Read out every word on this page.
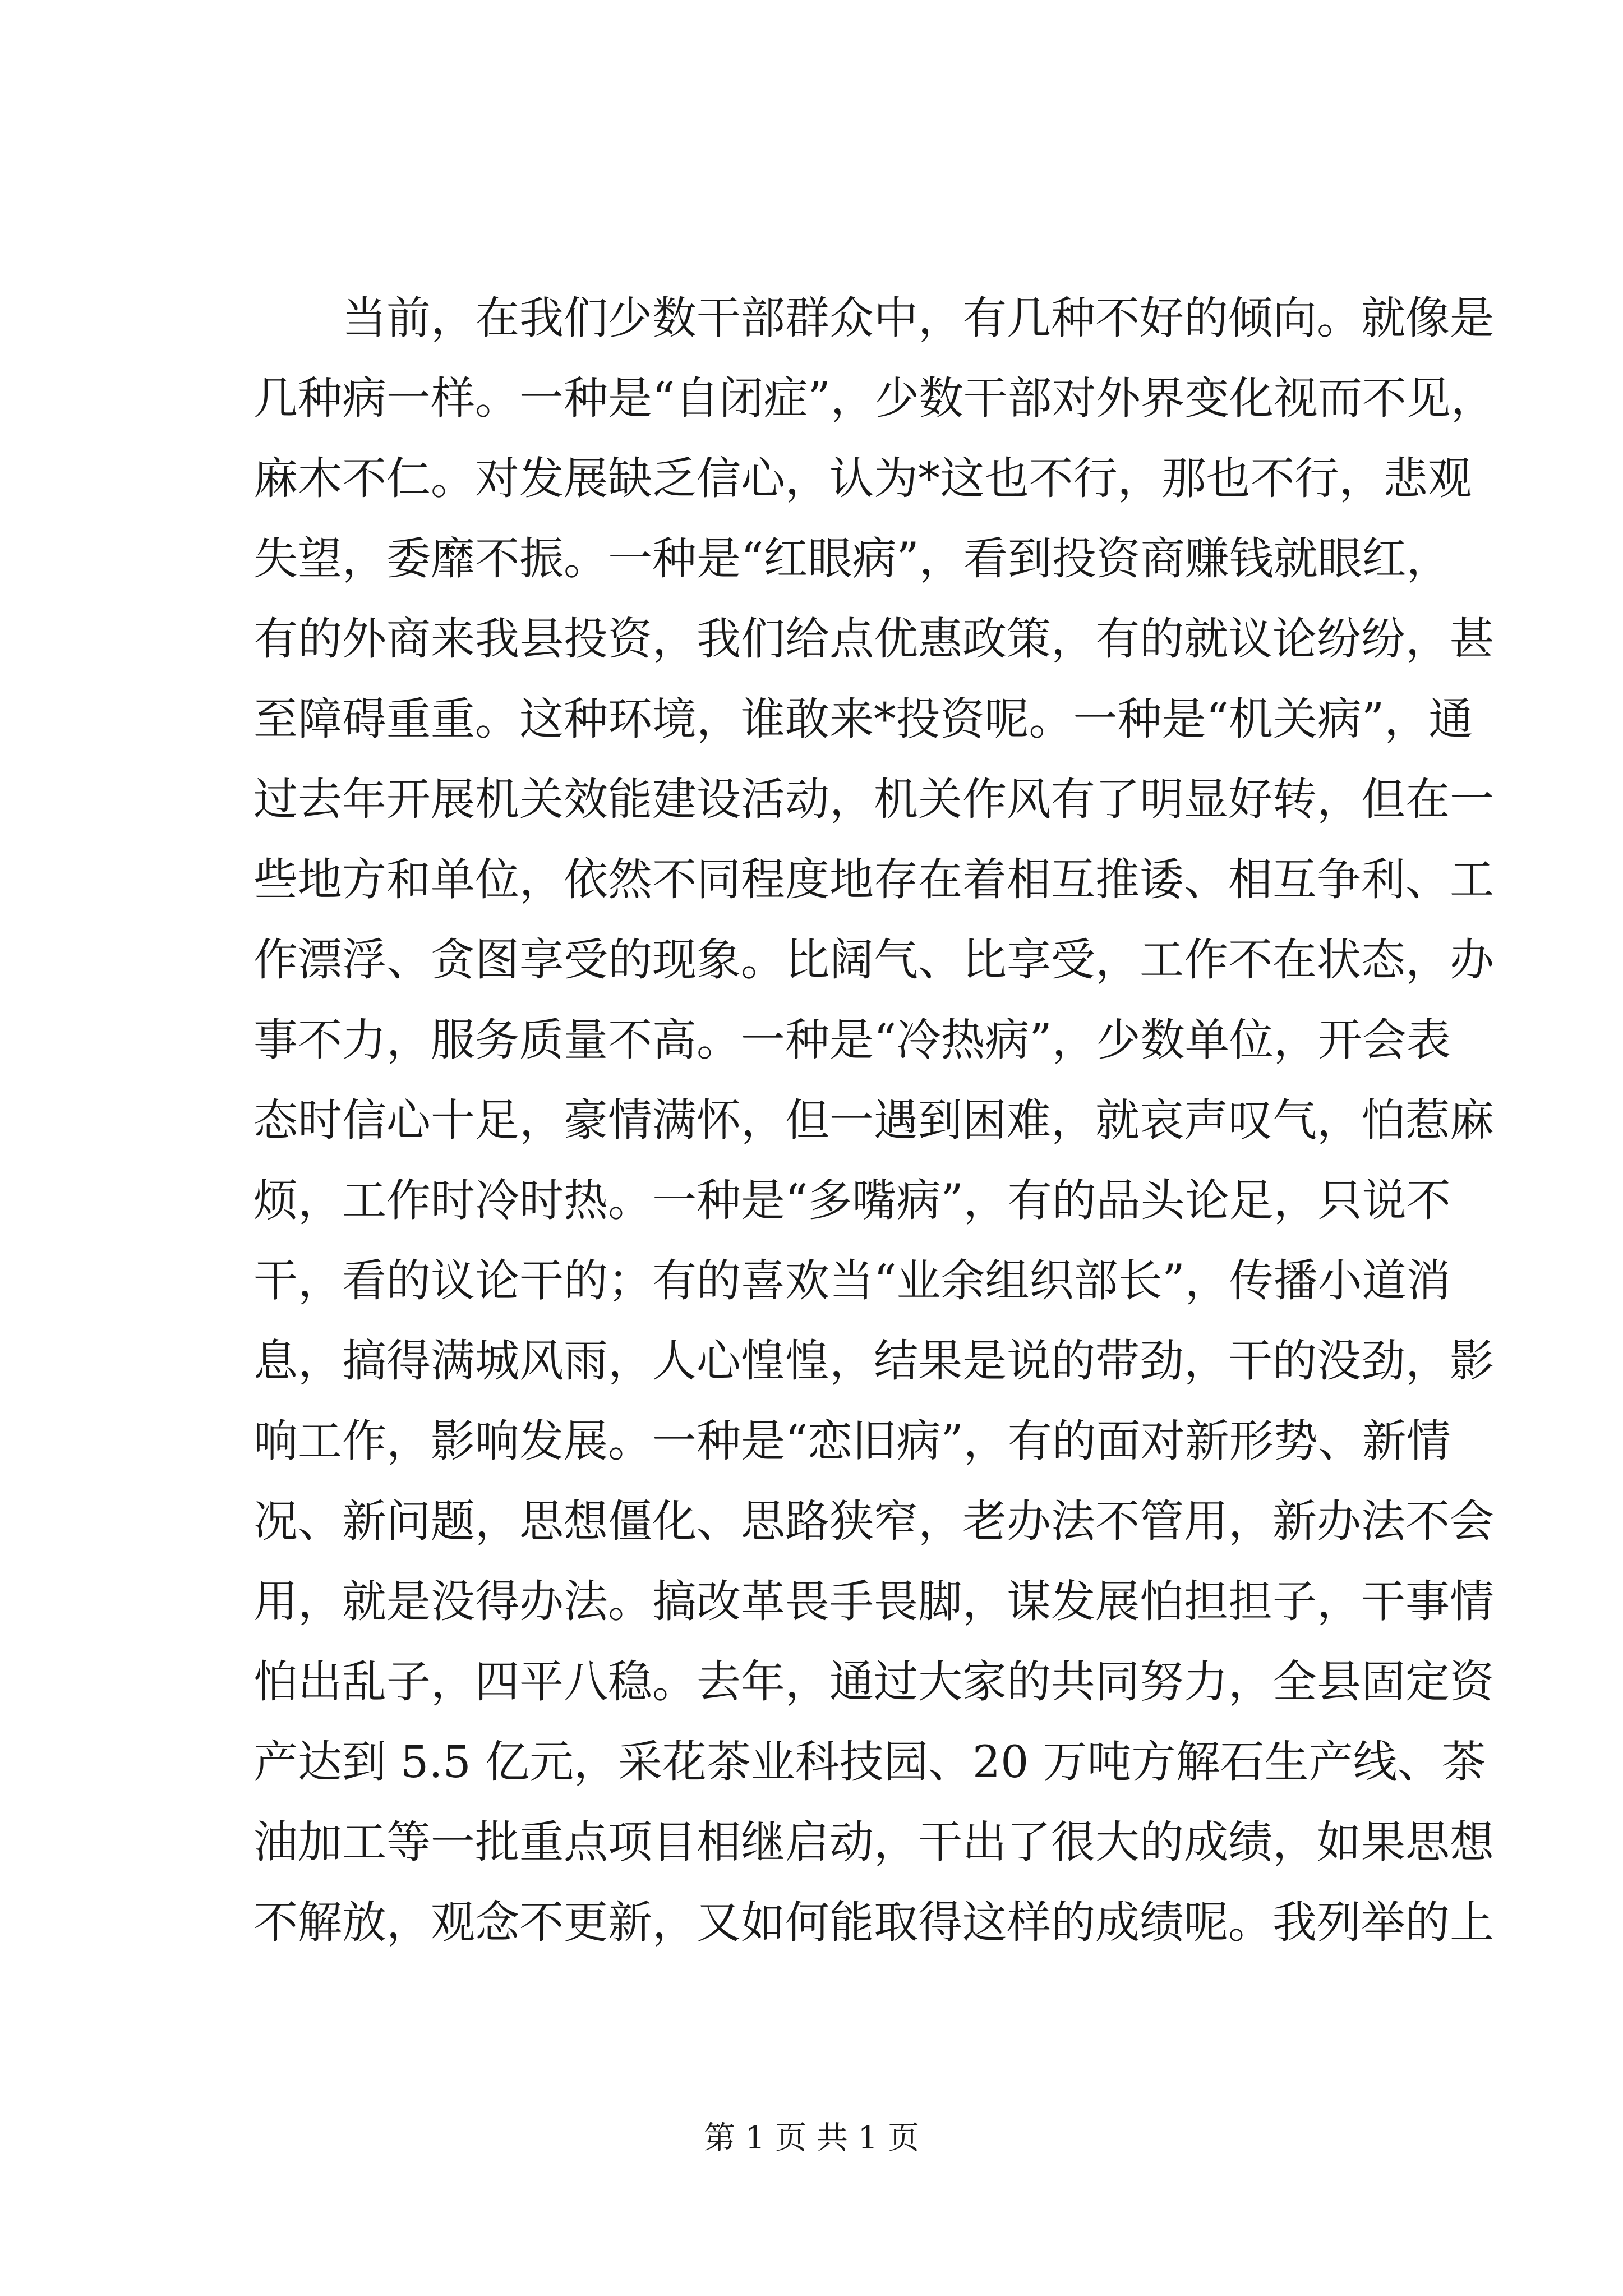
当前，在我们少数干部群众中，有几种不好的倾向。就像是
几种病一样。一种是“自闭症”，少数干部对外界变化视而不见，
麻木不仁。对发展缺乏信心，认为*这也不行，那也不行，悲观
失望，委靡不振。一种是“红眼病”，看到投资商赚钱就眼红，
有的外商来我县投资，我们给点优惠政策，有的就议论纷纷，甚
至障碍重重。这种环境，谁敢来*投资呢。一种是“机关病”，通
过去年开展机关效能建设活动，机关作风有了明显好转，但在一
些地方和单位，依然不同程度地存在着相互推诿、相互争利、工
作漂浮、贪图享受的现象。比阔气、比享受，工作不在状态，办
事不力，服务质量不高。一种是“冷热病”，少数单位，开会表
态时信心十足，豪情满怀，但一遇到困难，就哀声叹气，怕惹麻
烦，工作时冷时热。一种是“多嘴病”，有的品头论足，只说不
干，看的议论干的；有的喜欢当“业余组织部长”，传播小道消
息，搞得满城风雨，人心惶惶，结果是说的带劲，干的没劲，影
响工作，影响发展。一种是“恋旧病”，有的面对新形势、新情
况、新问题，思想僵化、思路狭窄，老办法不管用，新办法不会
用，就是没得办法。搞改革畏手畏脚，谋发展怕担担子，干事情
怕出乱子，四平八稳。去年，通过大家的共同努力，全县固定资
产达到 5.5 亿元，采花茶业科技园、20 万吨方解石生产线、茶
油加工等一批重点项目相继启动，干出了很大的成绩，如果思想
不解放，观念不更新，又如何能取得这样的成绩呢。我列举的上
第 1 页 共 1 页
